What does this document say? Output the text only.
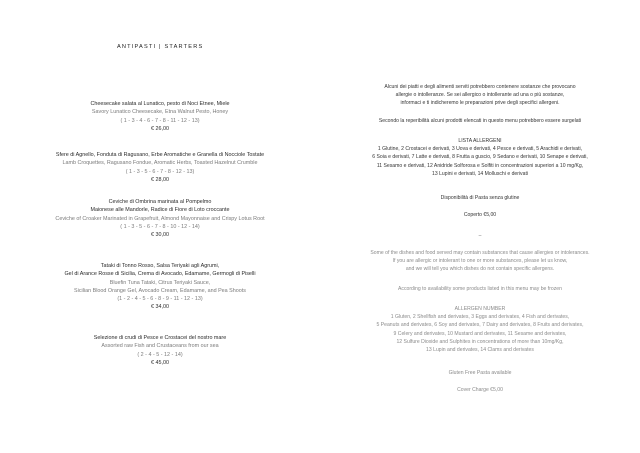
ANTIPASTI | STARTERS
Cheesecake salata al Lunatico, pesto di Noci Etnee, Miele
Savory Lunatico Cheesecake, Etna Walnut Pesto, Honey
( 1 - 3 - 4 - 6 - 7 - 8 - 11 - 12 - 13)
€ 26,00
Sfere di Agnello, Fonduta di Ragusano, Erbe Aromatiche e Granella di Nocciole Tostate
Lamb Croquettes, Ragusano Fondue, Aromatic Herbs, Toasted Hazelnut Crumble
( 1 - 3 - 5 - 6 - 7 - 8 - 12 - 13)
€ 28,00
Ceviche di Ombrina marinata al Pompelmo
Maionese alle Mandorle, Radice di Fiore di Loto croccante
Ceviche of Croaker Marinated in Grapefruit, Almond Mayonnaise and Crispy Lotus Root
( 1 - 3 - 5 - 6 - 7 - 8 - 10 - 12 - 14)
€ 30,00
Tataki di Tonno Rosso, Salsa Teriyaki agli Agrumi,
Gel di Arance Rosse di Sicilia, Crema di Avocado, Edamame, Germogli di Piselli
Bluefin Tuna Tataki, Citrus Teriyaki Sauce,
Sicilian Blood Orange Gel, Avocado Cream, Edamame, and Pea Shoots
(1 - 2 - 4 - 5 - 6 - 8 - 9 - 11 - 12 - 13)
€ 34,00
Selezione di crudi di Pesce e Crostacei del nostro mare
Assorted raw Fish and Crustaceans from our sea
( 2 - 4 - 5 - 12 - 14)
€ 45,00
Alcuni dei piatti e degli alimenti serviti potrebbero contenere sostanze che provocano
allergie o intolleranze. Se sei allergico o intollerante ad una o più sostanze,
informaci e ti indicheremo le preparazioni prive degli specifici allergeni.
Secondo la reperibilità alcuni prodotti elencati in questo menu potrebbero essere surgelati
LISTA ALLERGENI
1 Glutine, 2 Crostacei e derivati, 3 Uova e derivati, 4 Pesce e derivati, 5 Arachidi e derivati,
6 Soia e derivati, 7 Latte e derivati, 8 Frutta a guscio, 9 Sedano e derivati, 10 Senape e derivati,
11 Sesamo e derivati, 12 Anidride Solforosa e Solfiti in concentrazioni superiori a 10 mg/Kg,
13 Lupini e derivati, 14 Molluschi e derivati
Disponibilità di Pasta senza glutine
Coperto €5,00
–
Some of the dishes and food served may contain substances that cause allergies or intolerances.
If you are allergic or intolerant to one or more substances, please let us know,
and we will tell you which dishes do not contain specific allergens.
According to availability some products listed in this menu may be frozen
ALLERGEN NUMBER
1 Gluten, 2 Shellfish and derivates, 3 Eggs and derivates, 4 Fish and derivates,
5 Peanuts and derivates, 6 Soy and derivates, 7 Dairy and derivates, 8 Fruits and derivates,
9 Celery and derivates, 10 Mustard and derivates, 11 Sesame and derivates,
12 Sulfure Dioxide and Sulphites in concentrations of more than 10mg/Kg,
13 Lupin and derivates, 14 Clams and derivates
Gluten Free Pasta available
Cover Charge €5,00
